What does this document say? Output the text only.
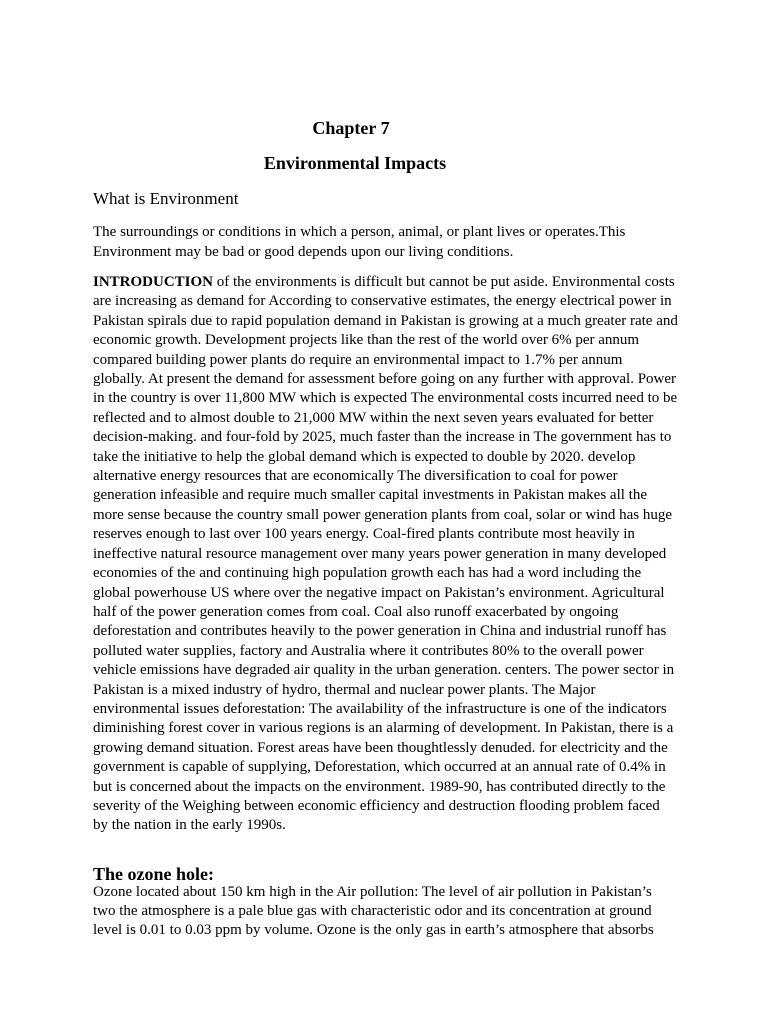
Chapter 7
Environmental Impacts
What is Environment

The surroundings or conditions in which a person, animal, or plant lives or operates.This Environment may be bad or good depends upon our living conditions.

INTRODUCTION of the environments is difficult but cannot be put aside. Environmental costs are increasing as demand for According to conservative estimates, the energy electrical power in Pakistan spirals due to rapid population demand in Pakistan is growing at a much greater rate and economic growth. Development projects like than the rest of the world over 6% per annum compared building power plants do require an environmental impact to 1.7% per annum globally. At present the demand for assessment before going on any further with approval. Power in the country is over 11,800 MW which is expected The environmental costs incurred need to be reflected and to almost double to 21,000 MW within the next seven years evaluated for better decision-making. and four-fold by 2025, much faster than the increase in The government has to take the initiative to help the global demand which is expected to double by 2020. develop alternative energy resources that are economically The diversification to coal for power generation infeasible and require much smaller capital investments in Pakistan makes all the more sense because the country small power generation plants from coal, solar or wind has huge reserves enough to last over 100 years energy. Coal-fired plants contribute most heavily in ineffective natural resource management over many years power generation in many developed economies of the and continuing high population growth each has had a word including the global powerhouse US where over the negative impact on Pakistan’s environment. Agricultural half of the power generation comes from coal. Coal also runoff exacerbated by ongoing deforestation and contributes heavily to the power generation in China and industrial runoff has polluted water supplies, factory and Australia where it contributes 80% to the overall power vehicle emissions have degraded air quality in the urban generation. centers. The power sector in Pakistan is a mixed industry of hydro, thermal and nuclear power plants. The Major environmental issues deforestation: The availability of the infrastructure is one of the indicators diminishing forest cover in various regions is an alarming of development. In Pakistan, there is a growing demand situation. Forest areas have been thoughtlessly denuded. for electricity and the government is capable of supplying, Deforestation, which occurred at an annual rate of 0.4% in but is concerned about the impacts on the environment. 1989-90, has contributed directly to the severity of the Weighing between economic efficiency and destruction flooding problem faced by the nation in the early 1990s.

The ozone hole:

Ozone located about 150 km high in the Air pollution: The level of air pollution in Pakistan’s two the atmosphere is a pale blue gas with characteristic odor and its concentration at ground level is 0.01 to 0.03 ppm by volume. Ozone is the only gas in earth’s atmosphere that absorbs
